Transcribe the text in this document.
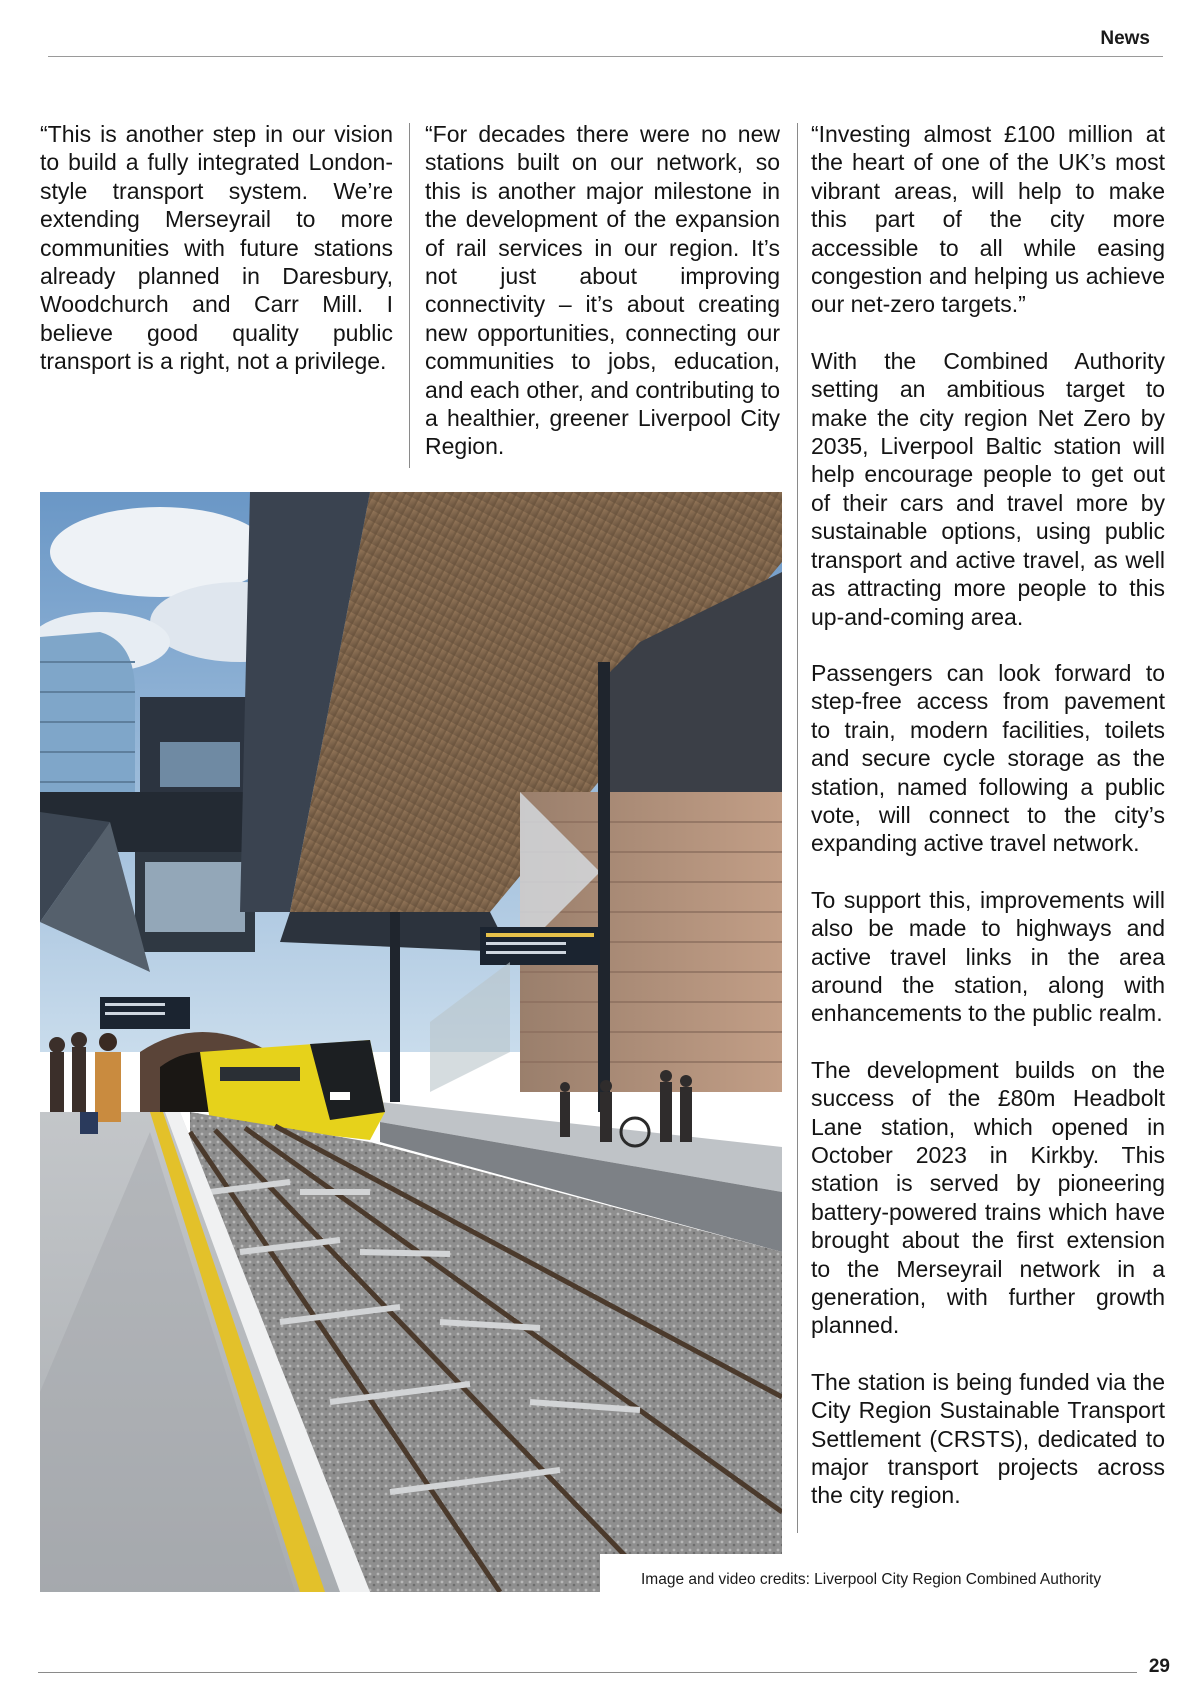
News

“This is another step in our vision to build a fully integrated London-style transport system. We’re extending Merseyrail to more communities with future stations already planned in Daresbury, Woodchurch and Carr Mill. I believe good quality public transport is a right, not a privilege.

“For decades there were no new stations built on our network, so this is another major milestone in the development of the expansion of rail services in our region. It’s not just about improving connectivity – it’s about creating new opportunities, connecting our communities to jobs, education, and each other, and contributing to a healthier, greener Liverpool City Region.

“Investing almost £100 million at the heart of one of the UK’s most vibrant areas, will help to make this part of the city more accessible to all while easing congestion and helping us achieve our net-zero targets.”

With the Combined Authority setting an ambitious target to make the city region Net Zero by 2035, Liverpool Baltic station will help encourage people to get out of their cars and travel more by sustainable options, using public transport and active travel, as well as attracting more people to this up-and-coming area.

Passengers can look forward to step-free access from pavement to train, modern facilities, toilets and secure cycle storage as the station, named following a public vote, will connect to the city’s expanding active travel network.

To support this, improvements will also be made to highways and active travel links in the area around the station, along with enhancements to the public realm.

The development builds on the success of the £80m Headbolt Lane station, which opened in October 2023 in Kirkby. This station is served by pioneering battery-powered trains which have brought about the first extension to the Merseyrail network in a generation, with further growth planned.

The station is being funded via the City Region Sustainable Transport Settlement (CRSTS), dedicated to major transport projects across the city region.

Image and video credits: Liverpool City Region Combined Authority
29
